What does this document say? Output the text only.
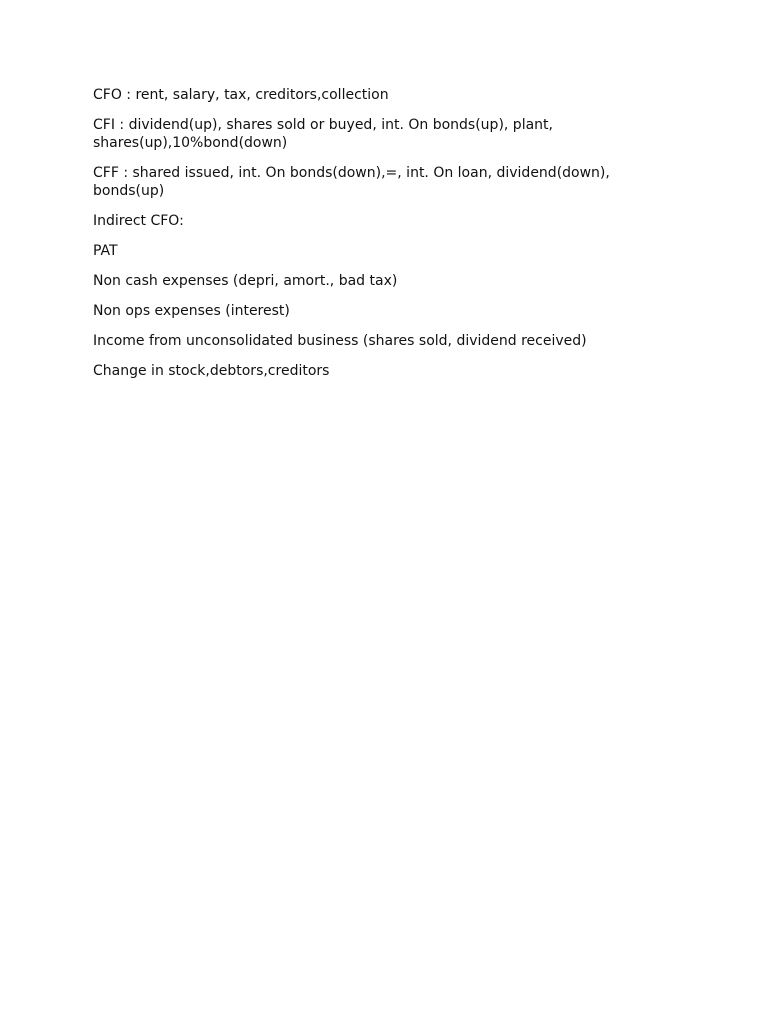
CFO : rent, salary, tax, creditors,collection

CFI : dividend(up), shares sold or buyed, int. On bonds(up), plant, shares(up),10%bond(down)

CFF : shared issued, int. On bonds(down),=, int. On loan, dividend(down), bonds(up)

Indirect CFO:

PAT

Non cash expenses (depri, amort., bad tax)

Non ops expenses (interest)

Income from unconsolidated business (shares sold, dividend received)

Change in stock,debtors,creditors
